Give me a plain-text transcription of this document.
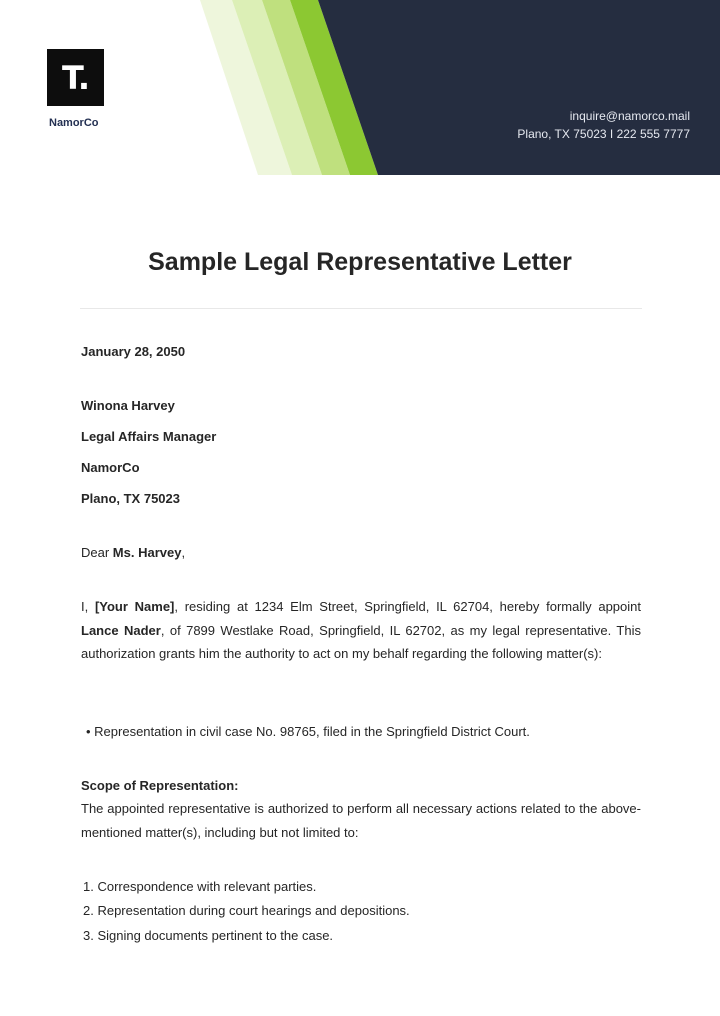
T.
NamorCo	inquire@namorco.mail
Plano, TX 75023 I 222 555 7777
Sample Legal Representative Letter
January 28, 2050
Winona Harvey
Legal Affairs Manager
NamorCo
Plano, TX 75023
Dear Ms. Harvey,
I, [Your Name], residing at 1234 Elm Street, Springfield, IL 62704, hereby formally appoint Lance Nader, of 7899 Westlake Road, Springfield, IL 62702, as my legal representative. This authorization grants him the authority to act on my behalf regarding the following matter(s):
• Representation in civil case No. 98765, filed in the Springfield District Court.
Scope of Representation:
The appointed representative is authorized to perform all necessary actions related to the above-mentioned matter(s), including but not limited to:
1. Correspondence with relevant parties.
2. Representation during court hearings and depositions.
3. Signing documents pertinent to the case.
